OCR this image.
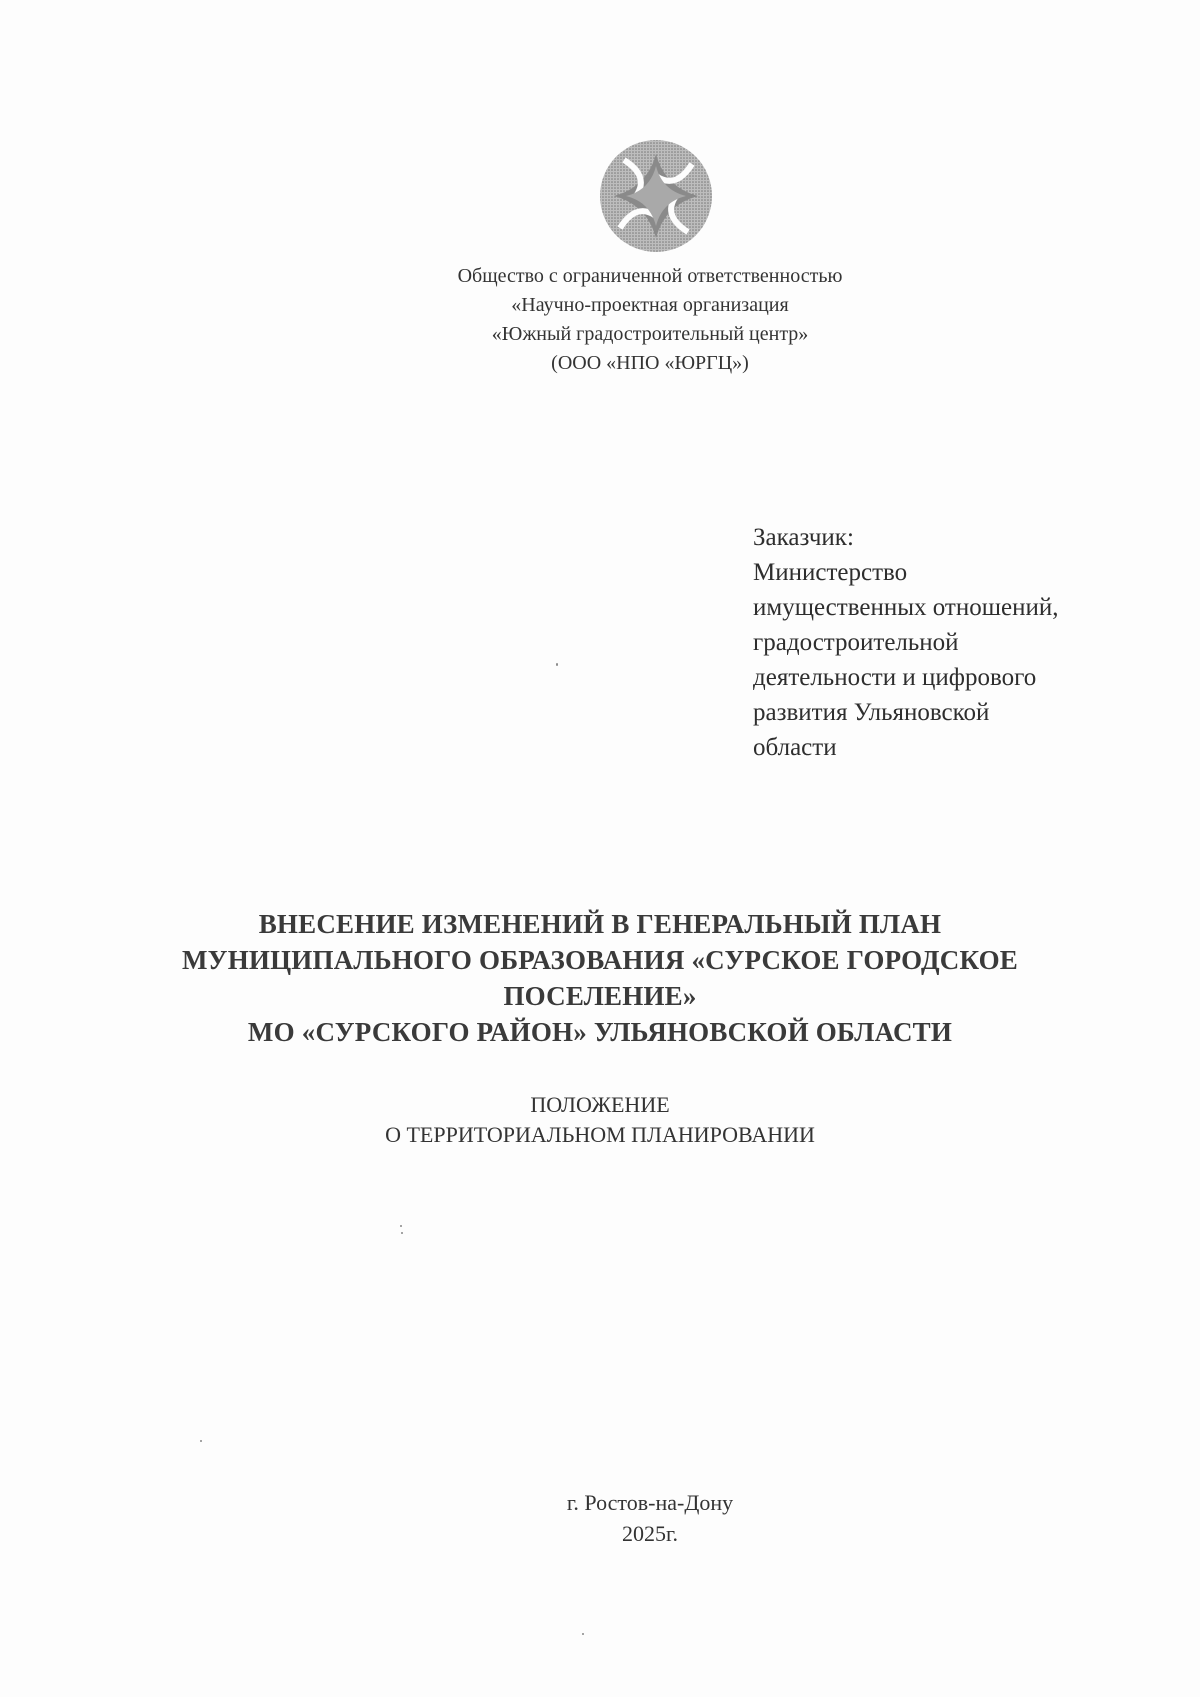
Общество с ограниченной ответственностью
«Научно-проектная организация
«Южный градостроительный центр»
(ООО «НПО «ЮРГЦ»)
Заказчик:
Министерство
имущественных отношений,
градостроительной
деятельности и цифрового
развития Ульяновской
области
ВНЕСЕНИЕ ИЗМЕНЕНИЙ В ГЕНЕРАЛЬНЫЙ ПЛАН
МУНИЦИПАЛЬНОГО ОБРАЗОВАНИЯ «СУРСКОЕ ГОРОДСКОЕ
ПОСЕЛЕНИЕ»
МО «СУРСКОГО РАЙОН» УЛЬЯНОВСКОЙ ОБЛАСТИ
ПОЛОЖЕНИЕ
О ТЕРРИТОРИАЛЬНОМ ПЛАНИРОВАНИИ
г. Ростов-на-Дону
2025г.
